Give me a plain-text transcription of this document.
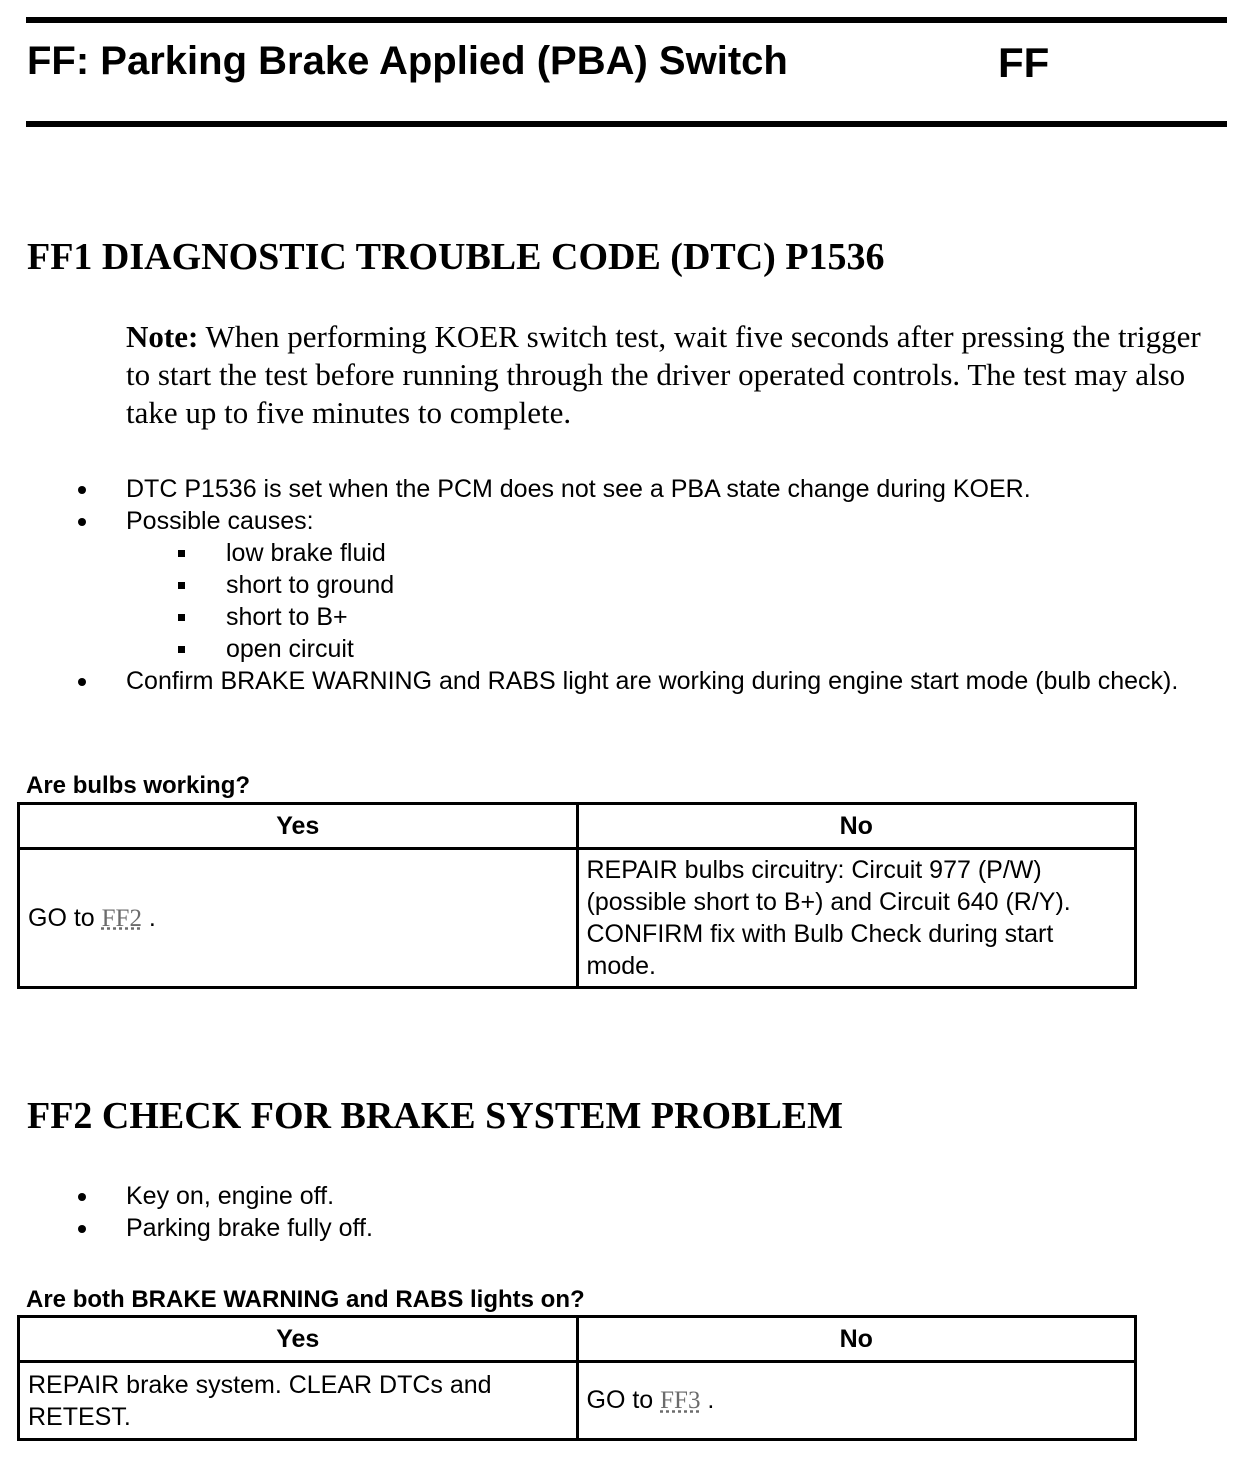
FF: Parking Brake Applied (PBA) Switch	FF
FF1 DIAGNOSTIC TROUBLE CODE (DTC) P1536
Note: When performing KOER switch test, wait five seconds after pressing the trigger to start the test before running through the driver operated controls. The test may also take up to five minutes to complete.
DTC P1536 is set when the PCM does not see a PBA state change during KOER.
Possible causes:
low brake fluid
short to ground
short to B+
open circuit
Confirm BRAKE WARNING and RABS light are working during engine start mode (bulb check).
Are bulbs working?
Yes	No
GO to FF2 .	REPAIR bulbs circuitry: Circuit 977 (P/W) (possible short to B+) and Circuit 640 (R/Y). CONFIRM fix with Bulb Check during start mode.
FF2 CHECK FOR BRAKE SYSTEM PROBLEM
Key on, engine off.
Parking brake fully off.
Are both BRAKE WARNING and RABS lights on?
Yes	No
REPAIR brake system. CLEAR DTCs and RETEST.	GO to FF3 .
